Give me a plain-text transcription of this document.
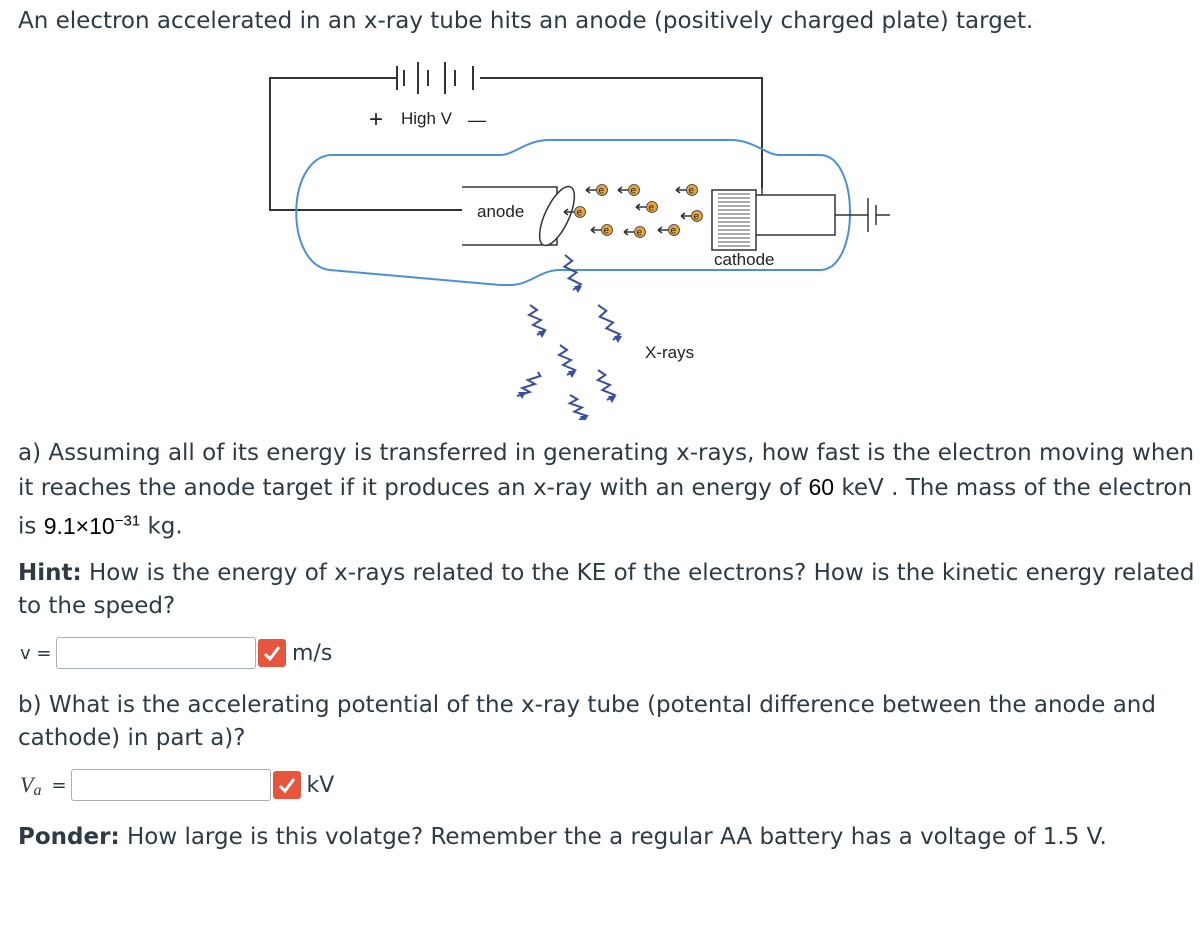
An electron accelerated in an x-ray tube hits an anode (positively charged plate) target.
+ High V —
anode
cathode
e	e	e
e	e
e
e	e	e
X-rays
a) Assuming all of its energy is transferred in generating x-rays, how fast is the electron moving when
it reaches the anode target if it produces an x-ray with an energy of 60 keV . The mass of the electron
is $9.1\times 10^{-31}$ kg.
Hint: How is the energy of x-rays related to the KE of the electrons? How is the kinetic energy related
to the speed?
v =	m/s
b) What is the accelerating potential of the x-ray tube (potental difference between the anode and
cathode) in part a)?
V a =	kV
Ponder: How large is this volatge? Remember the a regular AA battery has a voltage of 1.5 V.
